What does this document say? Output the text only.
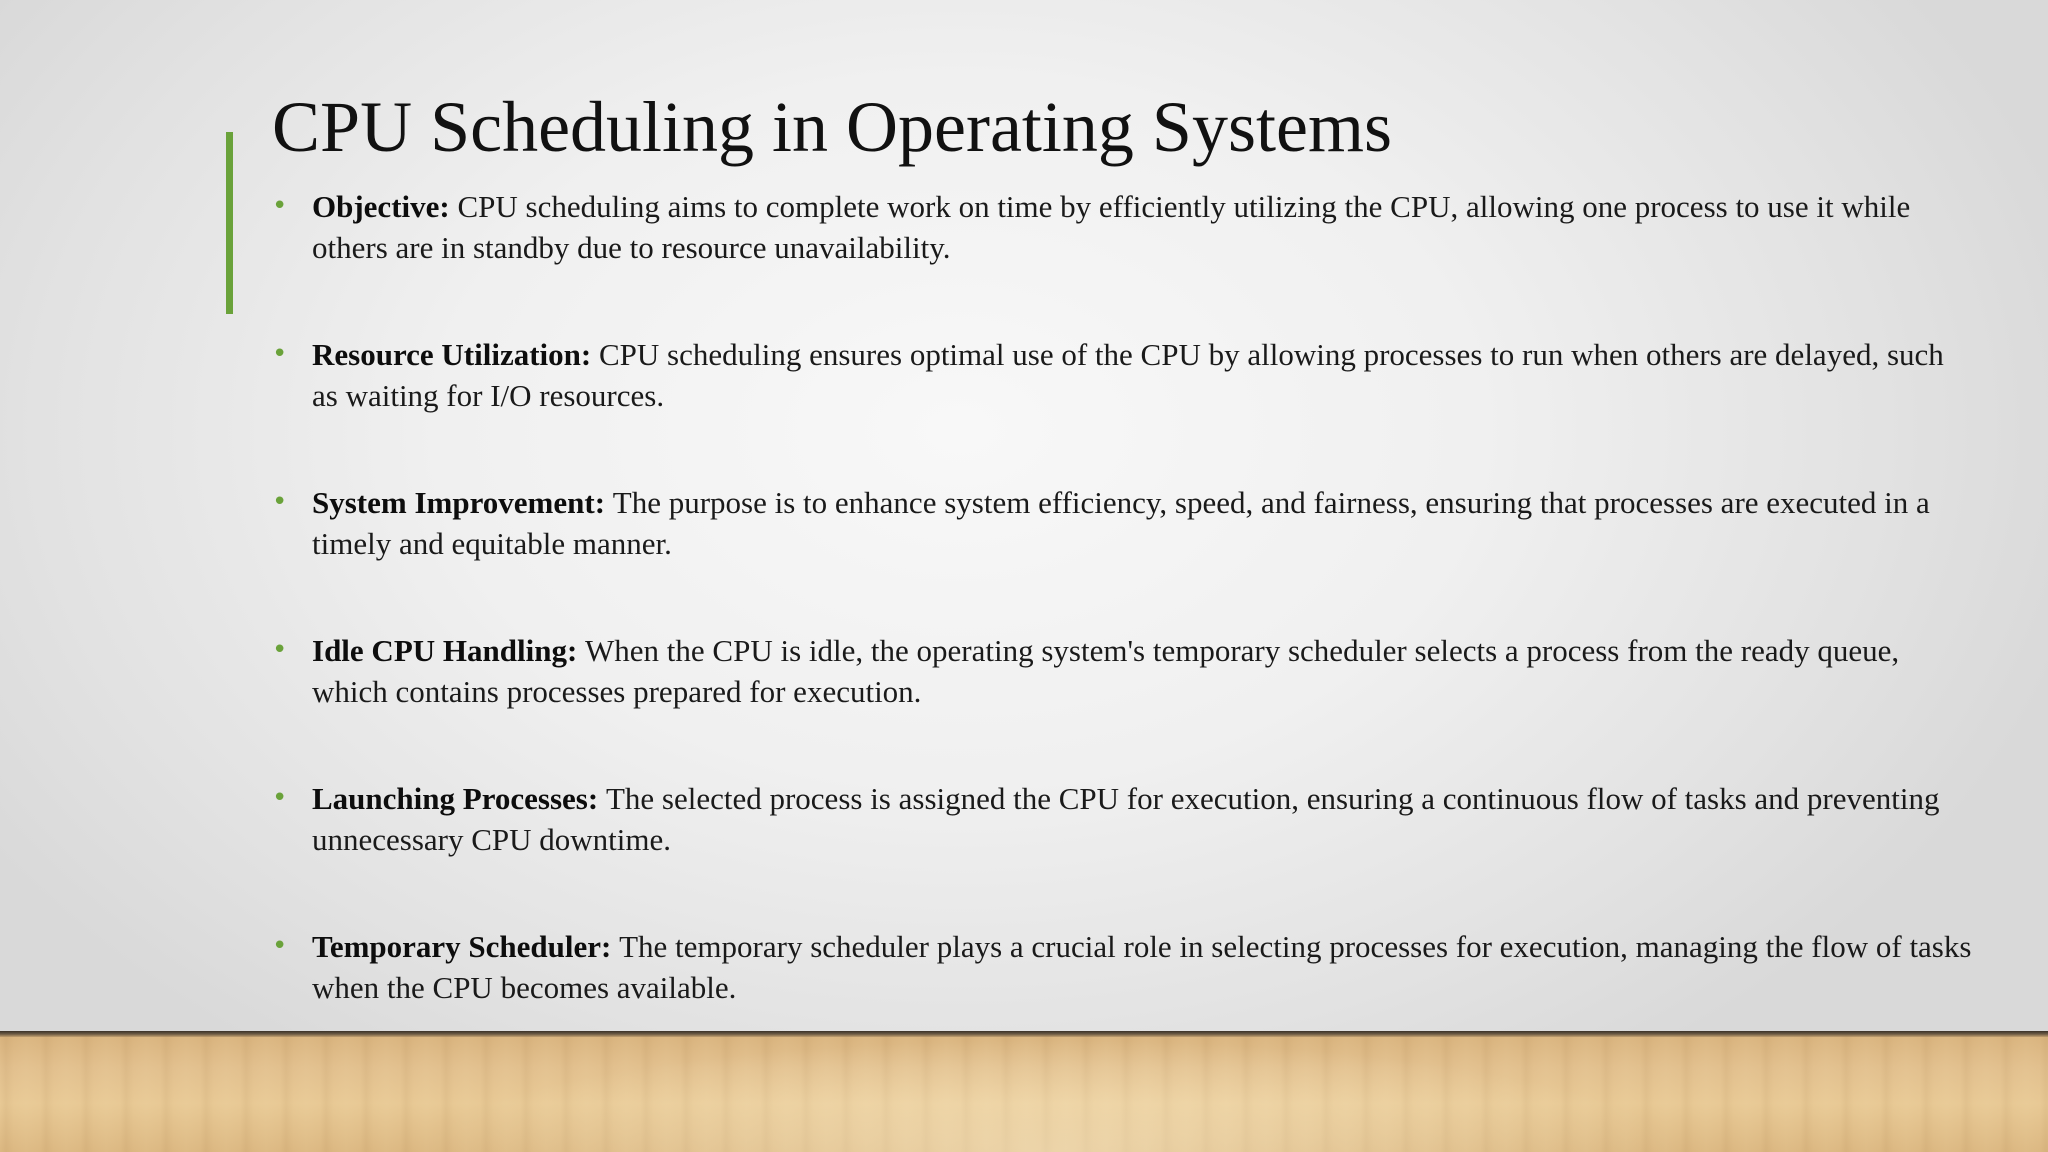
CPU Scheduling in Operating Systems
• Objective: CPU scheduling aims to complete work on time by efficiently utilizing the CPU, allowing one process to use it while others are in standby due to resource unavailability.
• Resource Utilization: CPU scheduling ensures optimal use of the CPU by allowing processes to run when others are delayed, such as waiting for I/O resources.
• System Improvement: The purpose is to enhance system efficiency, speed, and fairness, ensuring that processes are executed in a timely and equitable manner.
• Idle CPU Handling: When the CPU is idle, the operating system's temporary scheduler selects a process from the ready queue, which contains processes prepared for execution.
• Launching Processes: The selected process is assigned the CPU for execution, ensuring a continuous flow of tasks and preventing unnecessary CPU downtime.
• Temporary Scheduler: The temporary scheduler plays a crucial role in selecting processes for execution, managing the flow of tasks when the CPU becomes available.
